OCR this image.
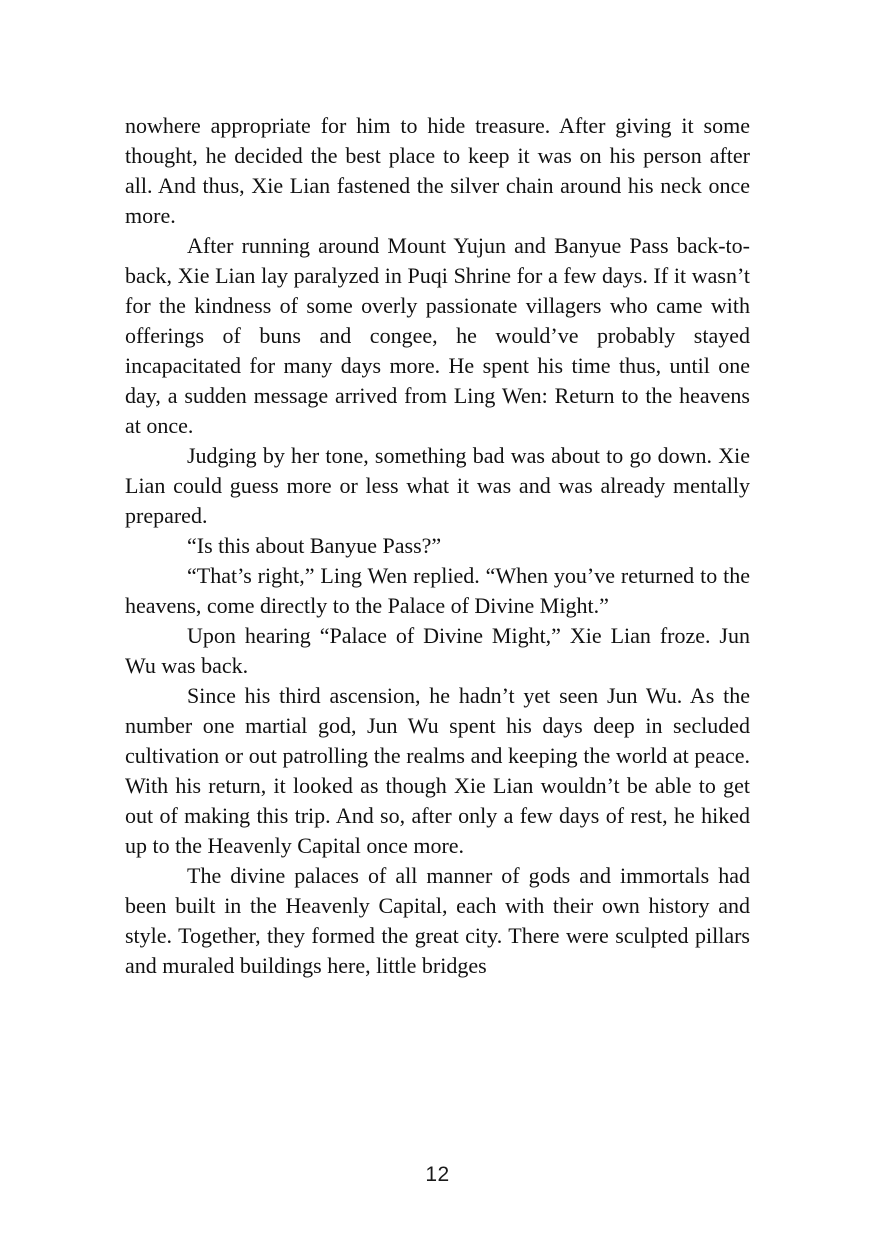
nowhere appropriate for him to hide treasure. After giving it some thought, he decided the best place to keep it was on his person after all. And thus, Xie Lian fastened the silver chain around his neck once more.

After running around Mount Yujun and Banyue Pass back-to-back, Xie Lian lay paralyzed in Puqi Shrine for a few days. If it wasn’t for the kindness of some overly passionate villagers who came with offerings of buns and congee, he would’ve probably stayed incapacitated for many days more. He spent his time thus, until one day, a sudden message arrived from Ling Wen: Return to the heavens at once.

Judging by her tone, something bad was about to go down. Xie Lian could guess more or less what it was and was already mentally prepared.

“Is this about Banyue Pass?”

“That’s right,” Ling Wen replied. “When you’ve returned to the heavens, come directly to the Palace of Divine Might.”

Upon hearing “Palace of Divine Might,” Xie Lian froze. Jun Wu was back.

Since his third ascension, he hadn’t yet seen Jun Wu. As the number one martial god, Jun Wu spent his days deep in secluded cultivation or out patrolling the realms and keeping the world at peace. With his return, it looked as though Xie Lian wouldn’t be able to get out of making this trip. And so, after only a few days of rest, he hiked up to the Heavenly Capital once more.

The divine palaces of all manner of gods and immortals had been built in the Heavenly Capital, each with their own history and style. Together, they formed the great city. There were sculpted pillars and muraled buildings here, little bridges

12
